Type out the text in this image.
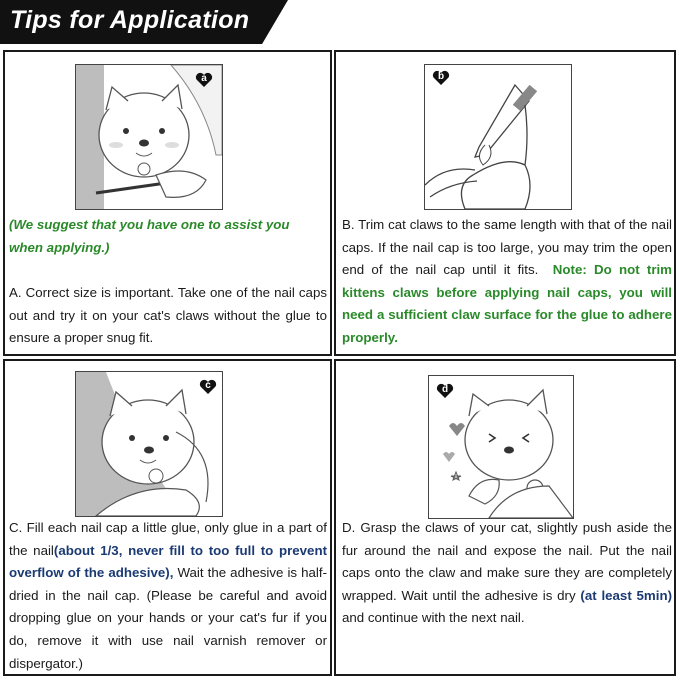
Tips for Application
a
(We suggest that you have one to assist you when applying.)
A. Correct size is important. Take one of the nail caps out and try it on your cat's claws without the glue to ensure a proper snug fit.
b
B. Trim cat claws to the same length with that of the nail caps. If the nail cap is too large, you may trim the open end of the nail cap until it fits. Note: Do not trim kittens claws before applying nail caps, you will need a sufficient claw surface for the glue to adhere properly.
c
C. Fill each nail cap a little glue, only glue in a part of the nail(about 1/3, never fill to too full to prevent overflow of the adhesive), Wait the adhesive is half-dried in the nail cap. (Please be careful and avoid dropping glue on your hands or your cat's fur if you do, remove it with use nail varnish remover or dispergator.)
d
D. Grasp the claws of your cat, slightly push aside the fur around the nail and expose the nail. Put the nail caps onto the claw and make sure they are completely wrapped. Wait until the adhesive is dry (at least 5min) and continue with the next nail.
